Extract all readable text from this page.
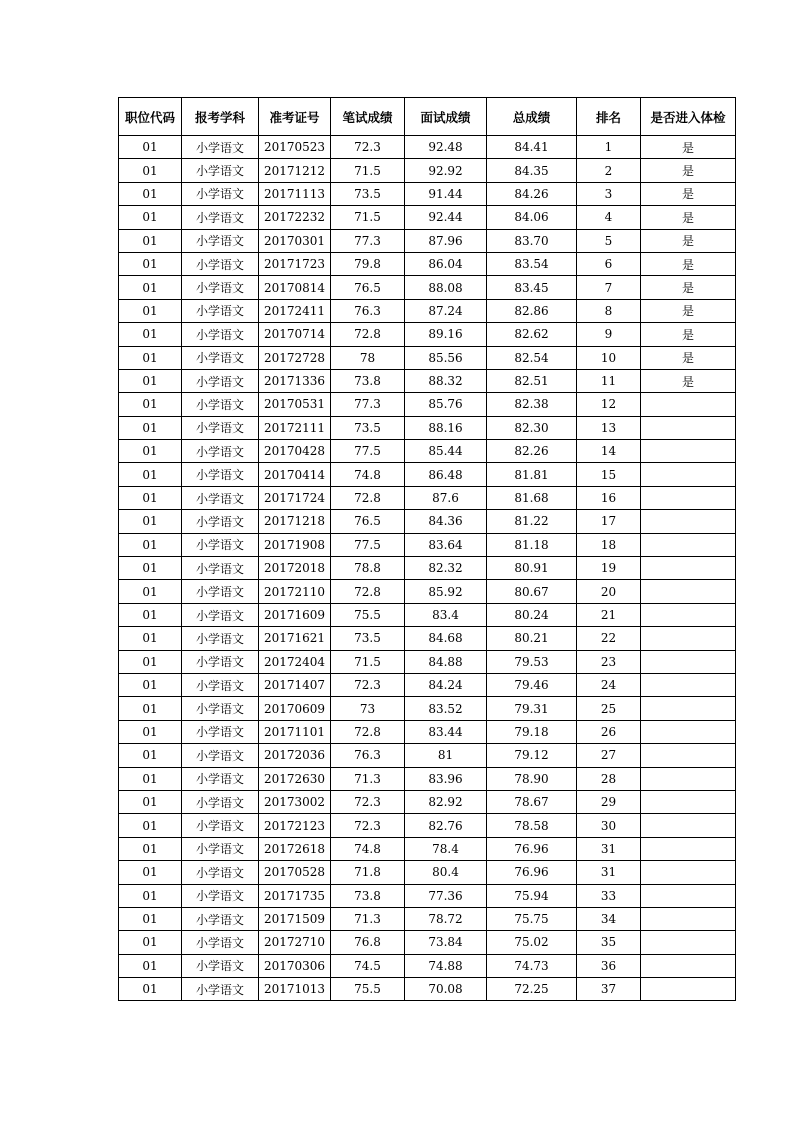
职位代码	报考学科	准考证号	笔试成绩	面试成绩	总成绩	排名	是否进入体检
01	小学语文	20170523	72.3	92.48	84.41	1	是
01	小学语文	20171212	71.5	92.92	84.35	2	是
01	小学语文	20171113	73.5	91.44	84.26	3	是
01	小学语文	20172232	71.5	92.44	84.06	4	是
01	小学语文	20170301	77.3	87.96	83.70	5	是
01	小学语文	20171723	79.8	86.04	83.54	6	是
01	小学语文	20170814	76.5	88.08	83.45	7	是
01	小学语文	20172411	76.3	87.24	82.86	8	是
01	小学语文	20170714	72.8	89.16	82.62	9	是
01	小学语文	20172728	78	85.56	82.54	10	是
01	小学语文	20171336	73.8	88.32	82.51	11	是
01	小学语文	20170531	77.3	85.76	82.38	12	
01	小学语文	20172111	73.5	88.16	82.30	13	
01	小学语文	20170428	77.5	85.44	82.26	14	
01	小学语文	20170414	74.8	86.48	81.81	15	
01	小学语文	20171724	72.8	87.6	81.68	16	
01	小学语文	20171218	76.5	84.36	81.22	17	
01	小学语文	20171908	77.5	83.64	81.18	18	
01	小学语文	20172018	78.8	82.32	80.91	19	
01	小学语文	20172110	72.8	85.92	80.67	20	
01	小学语文	20171609	75.5	83.4	80.24	21	
01	小学语文	20171621	73.5	84.68	80.21	22	
01	小学语文	20172404	71.5	84.88	79.53	23	
01	小学语文	20171407	72.3	84.24	79.46	24	
01	小学语文	20170609	73	83.52	79.31	25	
01	小学语文	20171101	72.8	83.44	79.18	26	
01	小学语文	20172036	76.3	81	79.12	27	
01	小学语文	20172630	71.3	83.96	78.90	28	
01	小学语文	20173002	72.3	82.92	78.67	29	
01	小学语文	20172123	72.3	82.76	78.58	30	
01	小学语文	20172618	74.8	78.4	76.96	31	
01	小学语文	20170528	71.8	80.4	76.96	31	
01	小学语文	20171735	73.8	77.36	75.94	33	
01	小学语文	20171509	71.3	78.72	75.75	34	
01	小学语文	20172710	76.8	73.84	75.02	35	
01	小学语文	20170306	74.5	74.88	74.73	36	
01	小学语文	20171013	75.5	70.08	72.25	37	
